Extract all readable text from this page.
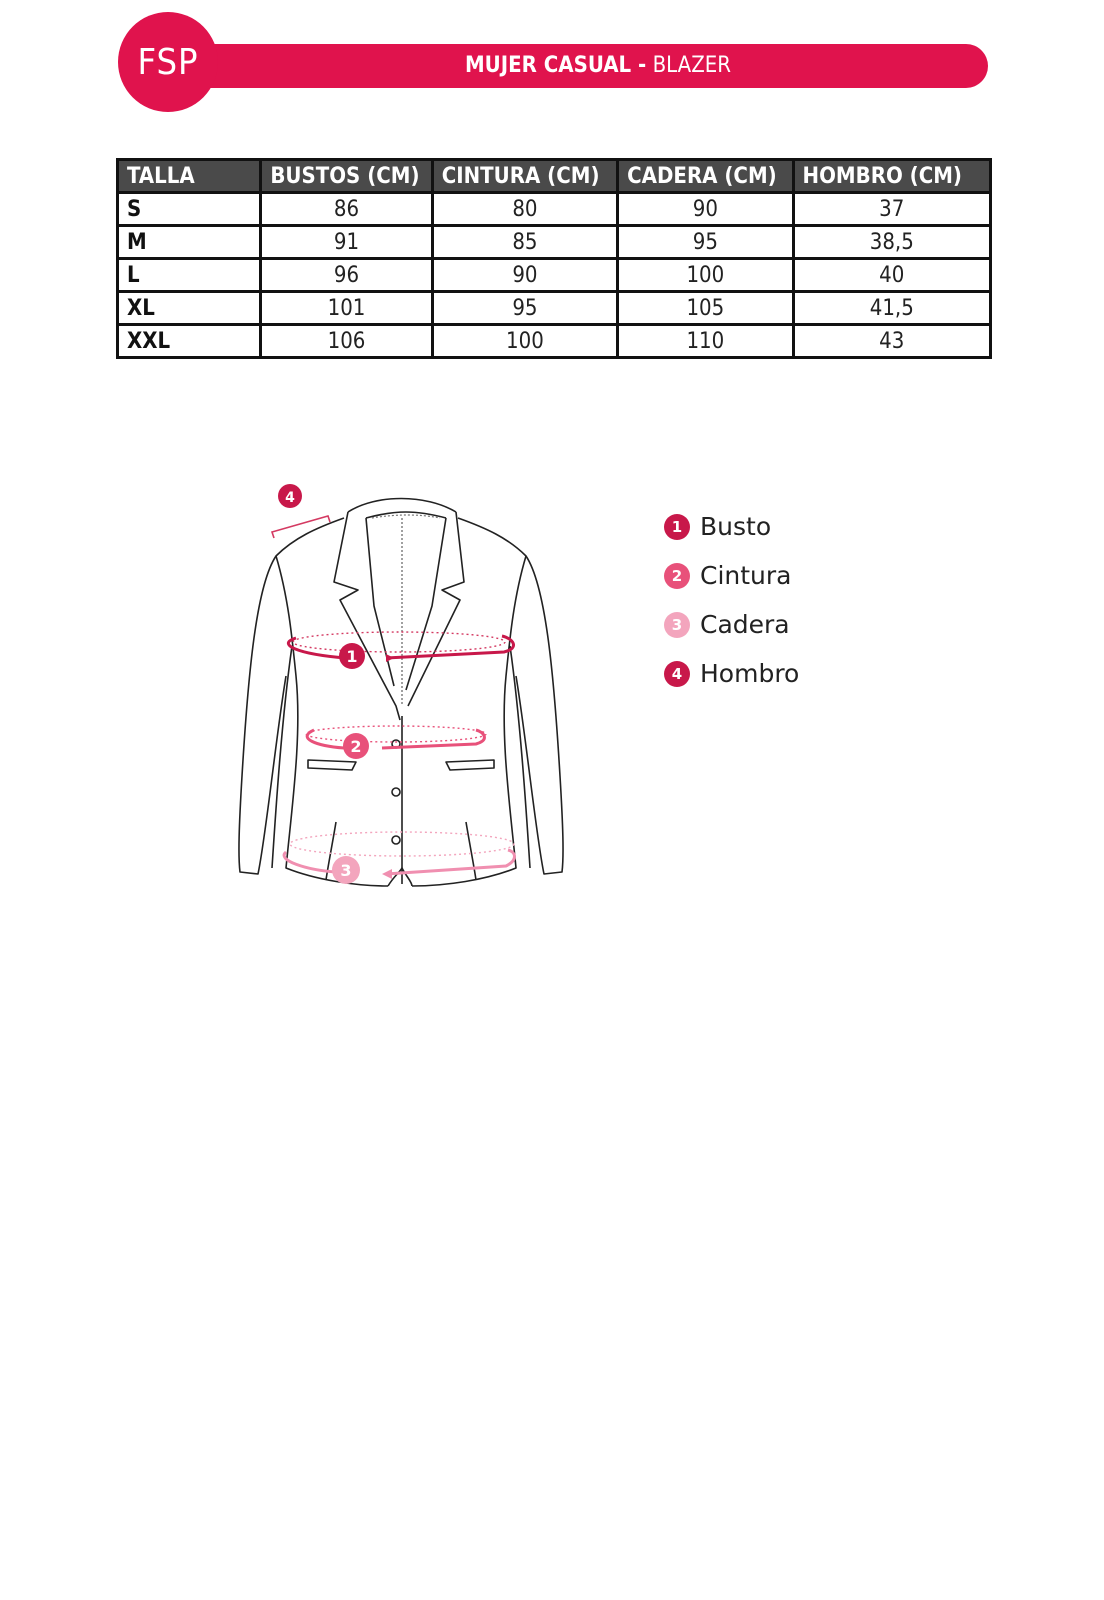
MUJER CASUAL - BLAZER
FSP
TALLA	BUSTOS (CM)	CINTURA (CM)	CADERA (CM)	HOMBRO (CM)
S	86	80	90	37
M	91	85	95	38,5
L	96	90	100	40
XL	101	95	105	41,5
XXL	106	100	110	43
1
2
3
4
1 Busto
2 Cintura
3 Cadera
4 Hombro
